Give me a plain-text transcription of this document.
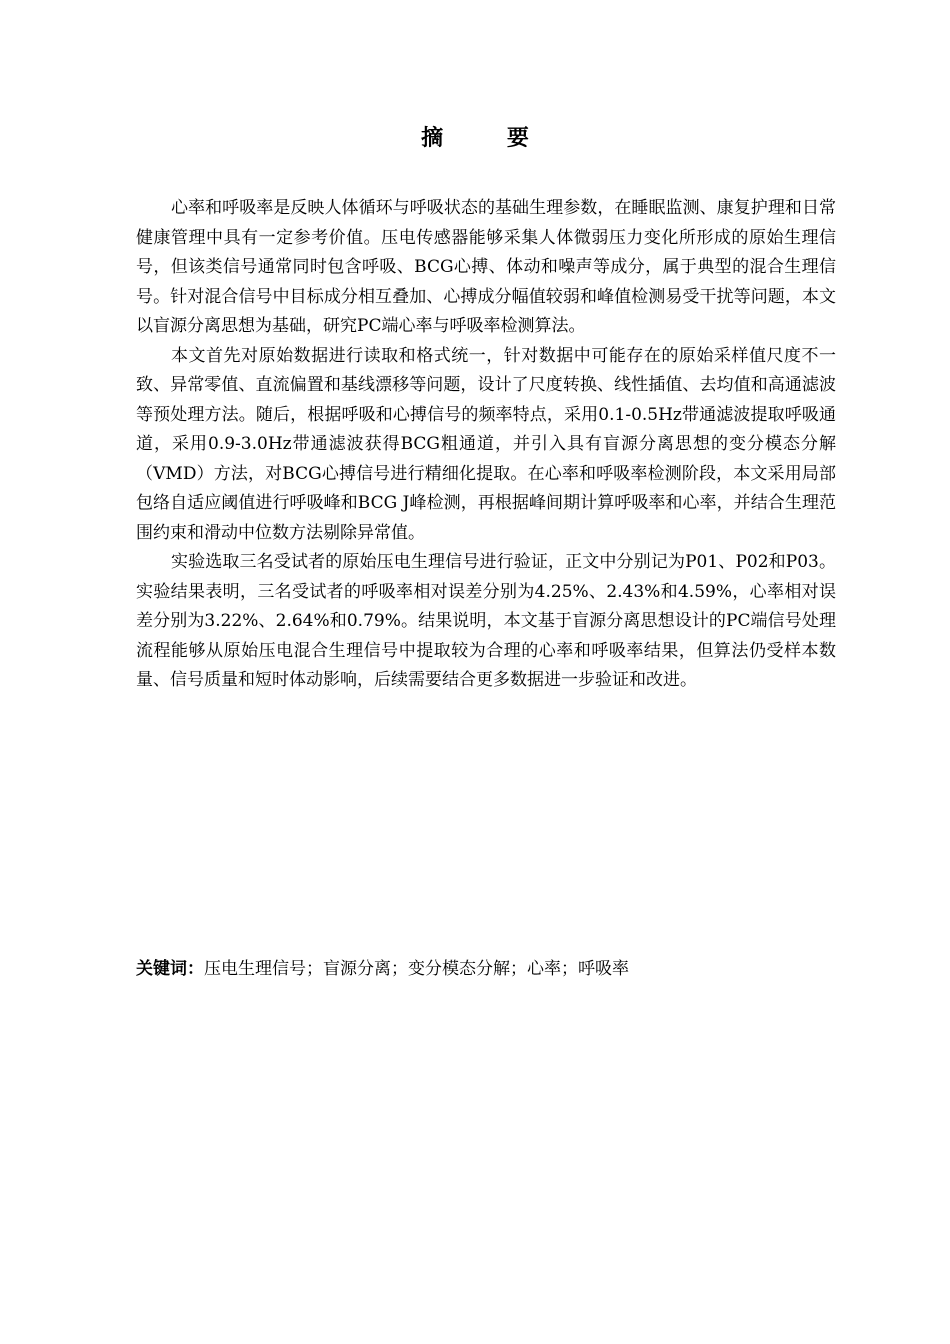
摘 要

心率和呼吸率是反映人体循环与呼吸状态的基础生理参数，在睡眠监测、康复护理和日常健康管理中具有一定参考价值。压电传感器能够采集人体微弱压力变化所形成的原始生理信号，但该类信号通常同时包含呼吸、BCG心搏、体动和噪声等成分，属于典型的混合生理信号。针对混合信号中目标成分相互叠加、心搏成分幅值较弱和峰值检测易受干扰等问题，本文以盲源分离思想为基础，研究PC端心率与呼吸率检测算法。

本文首先对原始数据进行读取和格式统一，针对数据中可能存在的原始采样值尺度不一致、异常零值、直流偏置和基线漂移等问题，设计了尺度转换、线性插值、去均值和高通滤波等预处理方法。随后，根据呼吸和心搏信号的频率特点，采用0.1-0.5Hz带通滤波提取呼吸通道，采用0.9-3.0Hz带通滤波获得BCG粗通道，并引入具有盲源分离思想的变分模态分解（VMD）方法，对BCG心搏信号进行精细化提取。在心率和呼吸率检测阶段，本文采用局部包络自适应阈值进行呼吸峰和BCG J峰检测，再根据峰间期计算呼吸率和心率，并结合生理范围约束和滑动中位数方法剔除异常值。

实验选取三名受试者的原始压电生理信号进行验证，正文中分别记为P01、P02和P03。实验结果表明，三名受试者的呼吸率相对误差分别为4.25%、2.43%和4.59%，心率相对误差分别为3.22%、2.64%和0.79%。结果说明，本文基于盲源分离思想设计的PC端信号处理流程能够从原始压电混合生理信号中提取较为合理的心率和呼吸率结果，但算法仍受样本数量、信号质量和短时体动影响，后续需要结合更多数据进一步验证和改进。

关键词：压电生理信号；盲源分离；变分模态分解；心率；呼吸率
